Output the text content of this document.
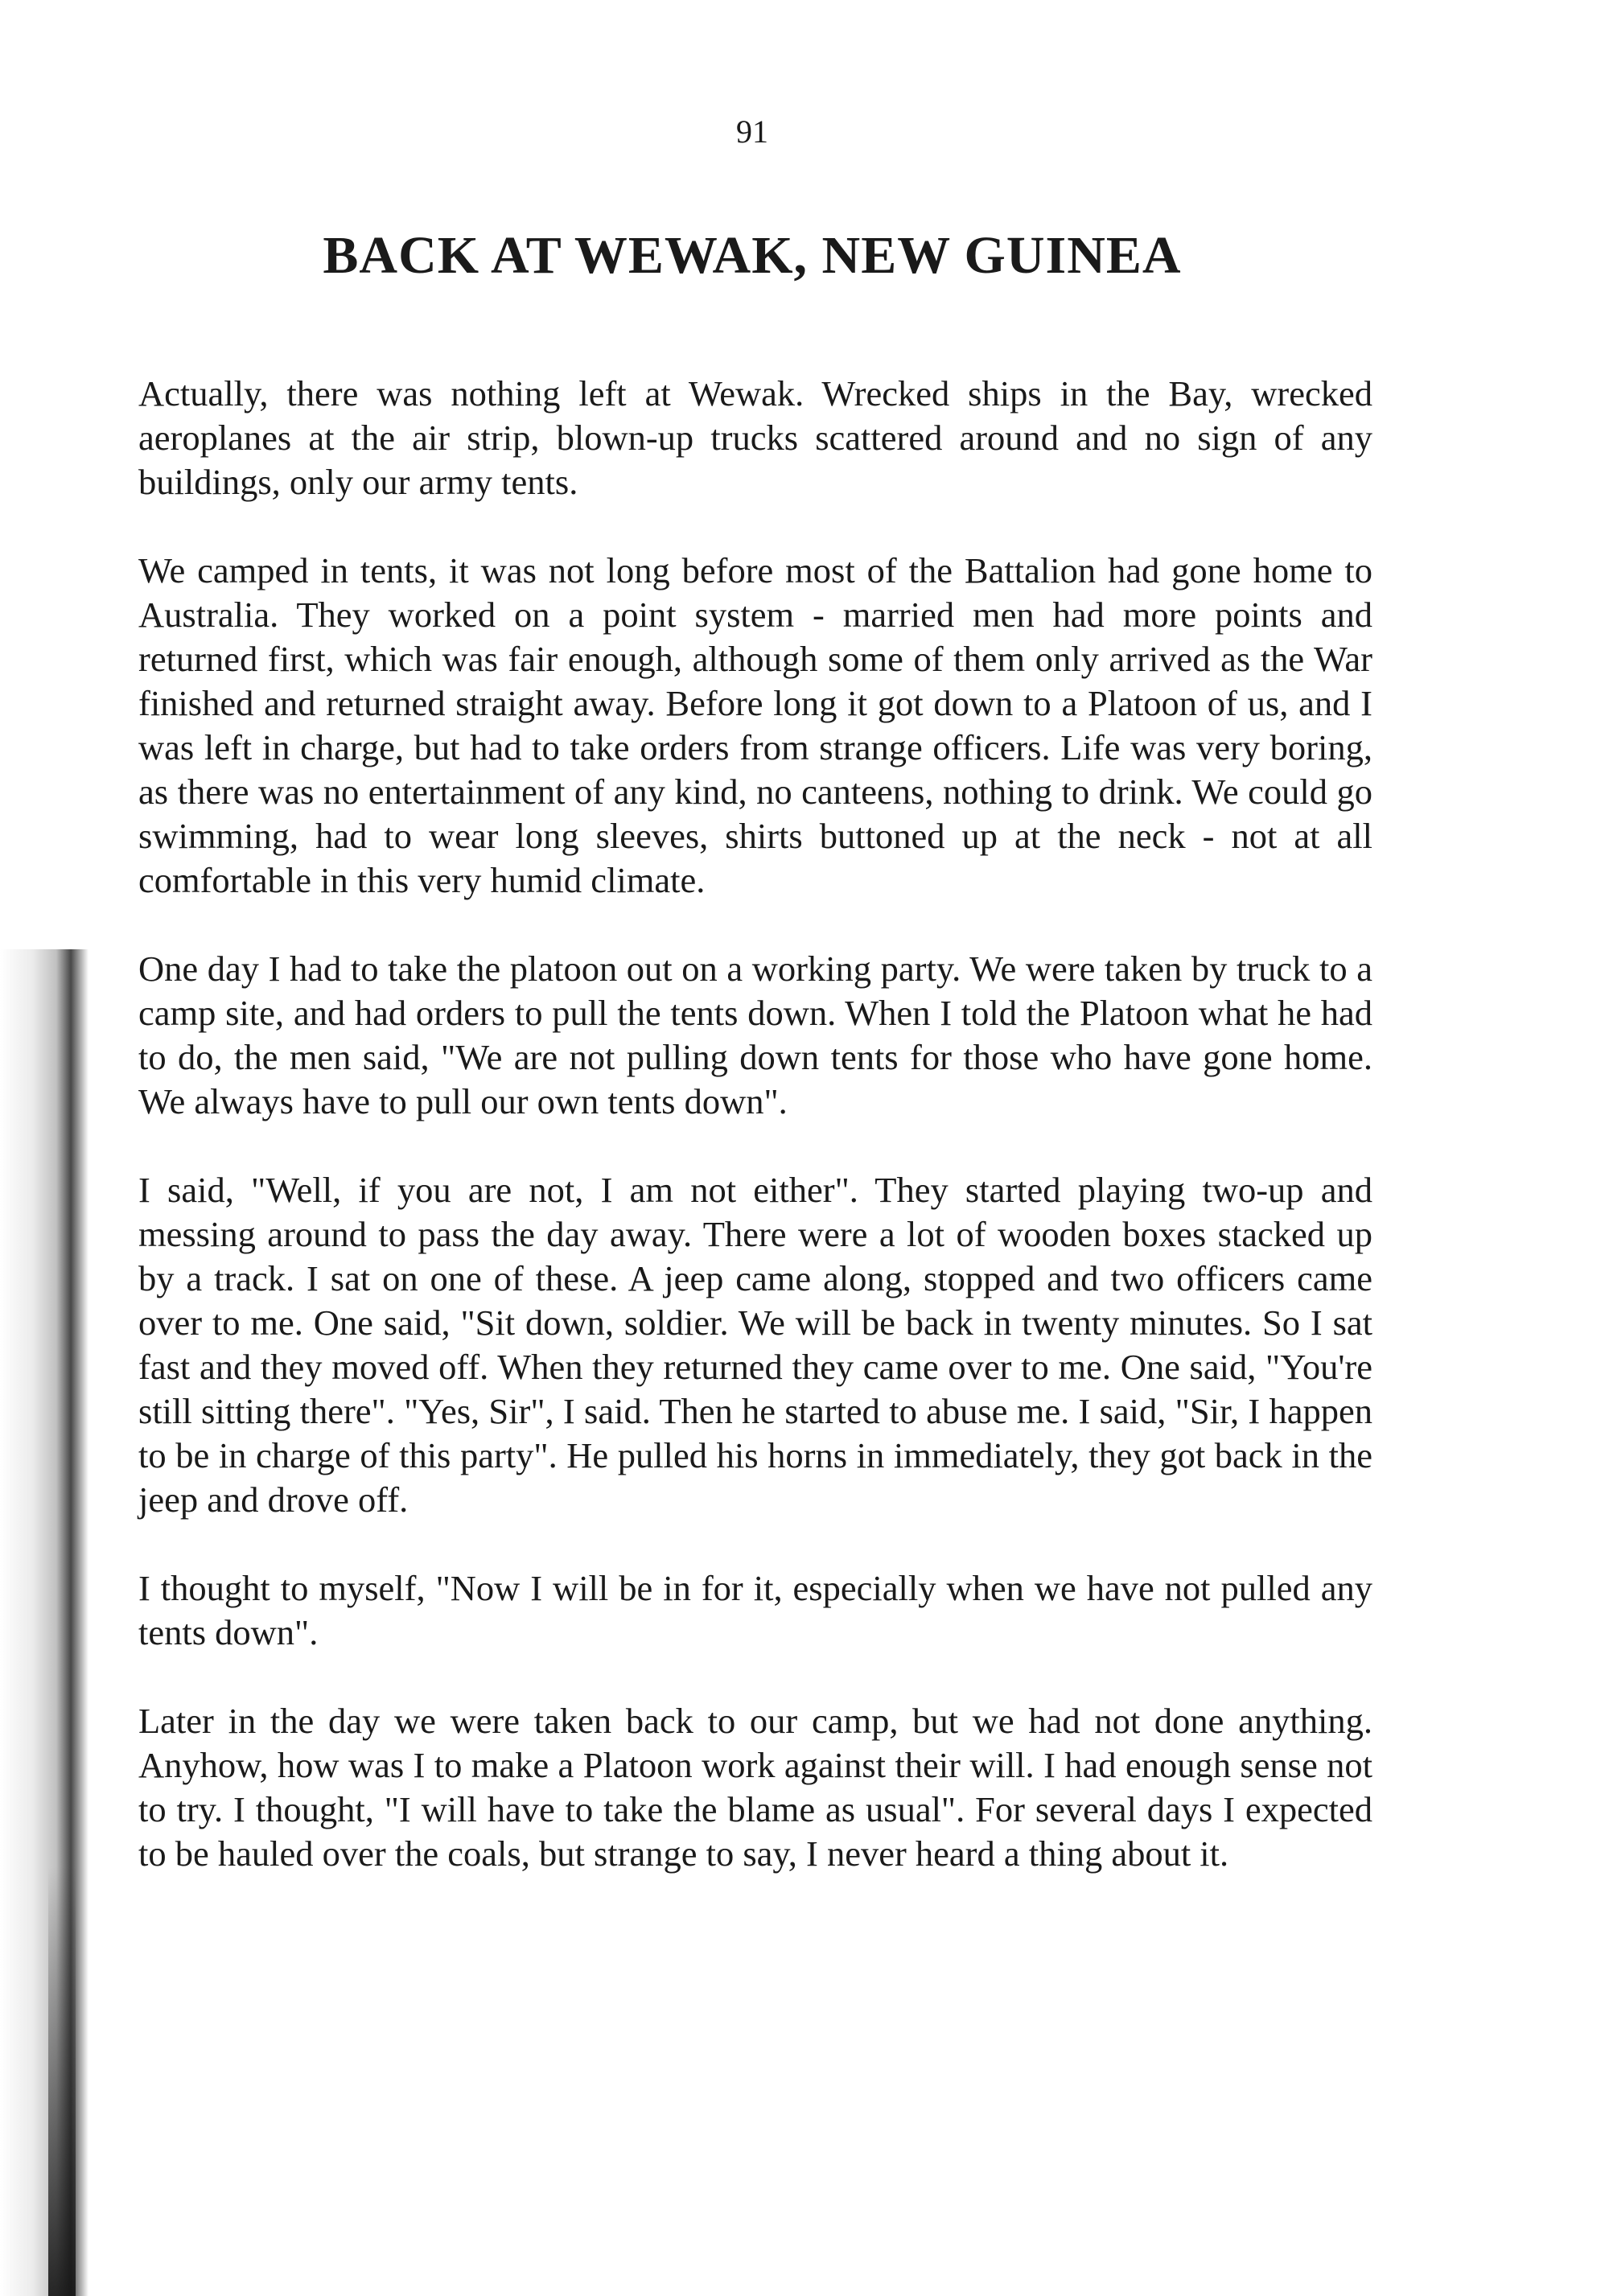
91
BACK AT WEWAK, NEW GUINEA

Actually, there was nothing left at Wewak. Wrecked ships in the Bay, wrecked aeroplanes at the air strip, blown-up trucks scattered around and no sign of any buildings, only our army tents.

We camped in tents, it was not long before most of the Battalion had gone home to Australia. They worked on a point system - married men had more points and returned first, which was fair enough, although some of them only arrived as the War finished and returned straight away. Before long it got down to a Platoon of us, and I was left in charge, but had to take orders from strange officers. Life was very boring, as there was no entertainment of any kind, no canteens, nothing to drink. We could go swimming, had to wear long sleeves, shirts buttoned up at the neck - not at all comfortable in this very humid climate.

One day I had to take the platoon out on a working party. We were taken by truck to a camp site, and had orders to pull the tents down. When I told the Platoon what he had to do, the men said, "We are not pulling down tents for those who have gone home. We always have to pull our own tents down".

I said, "Well, if you are not, I am not either". They started playing two-up and messing around to pass the day away. There were a lot of wooden boxes stacked up by a track. I sat on one of these. A jeep came along, stopped and two officers came over to me. One said, "Sit down, soldier. We will be back in twenty minutes. So I sat fast and they moved off. When they returned they came over to me. One said, "You're still sitting there". "Yes, Sir", I said. Then he started to abuse me. I said, "Sir, I happen to be in charge of this party". He pulled his horns in immediately, they got back in the jeep and drove off.

I thought to myself, "Now I will be in for it, especially when we have not pulled any tents down".

Later in the day we were taken back to our camp, but we had not done anything. Anyhow, how was I to make a Platoon work against their will. I had enough sense not to try. I thought, "I will have to take the blame as usual". For several days I expected to be hauled over the coals, but strange to say, I never heard a thing about it.
